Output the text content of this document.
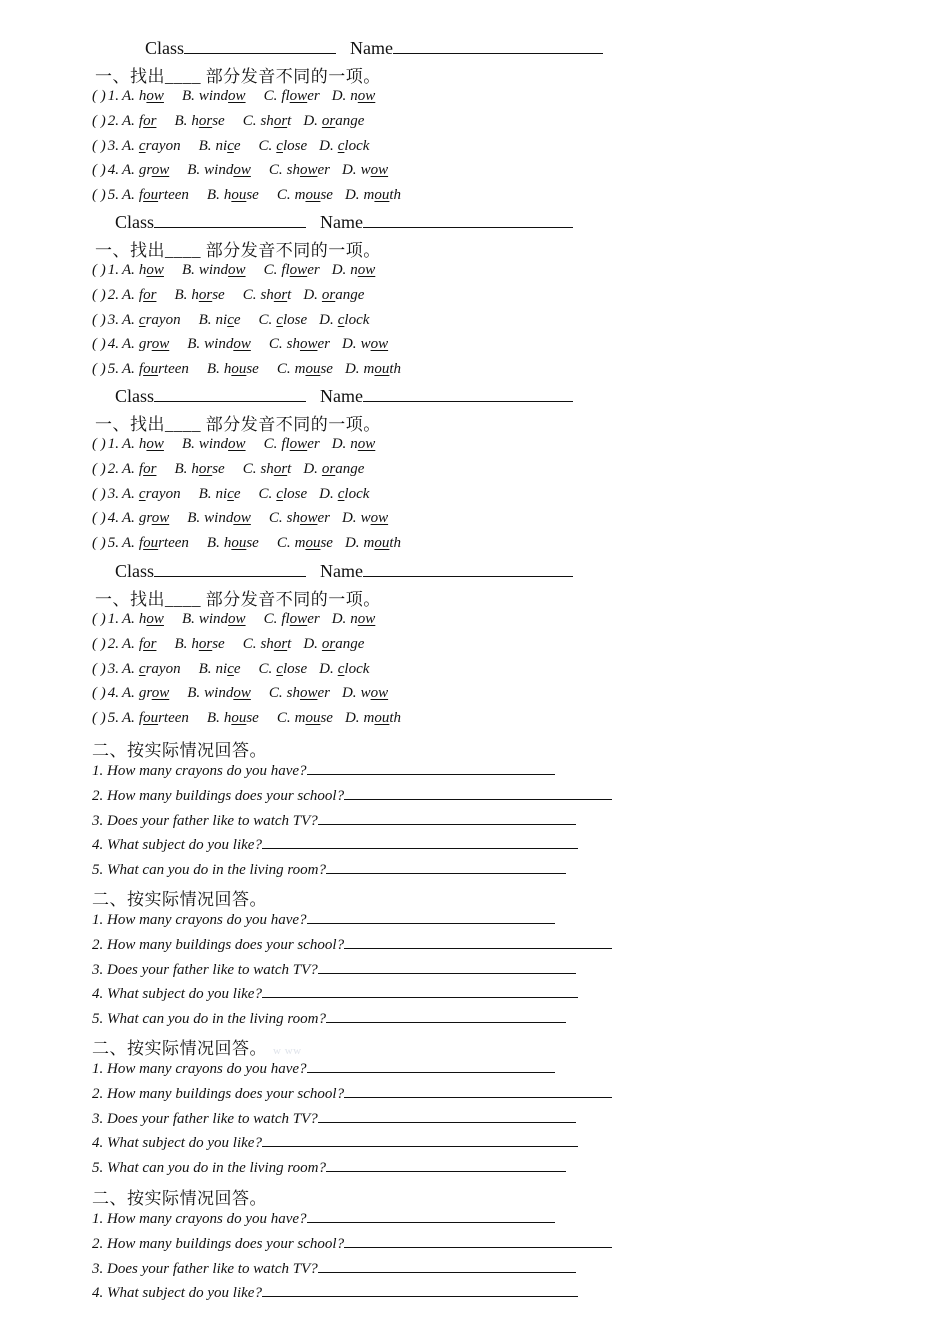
Class	Name
一、找出____ 部分发音不同的一项。
( ) 1. A. how B. window C. flower D. now
( ) 2. A. for B. horse C. short D. orange
( ) 3. A. crayon B. nice C. close D. clock
( ) 4. A. grow B. window C. shower D. wow
( ) 5. A. fourteen B. house C. mouse D. mouth
Class	Name
一、找出____ 部分发音不同的一项。
( ) 1. A. how B. window C. flower D. now
( ) 2. A. for B. horse C. short D. orange
( ) 3. A. crayon B. nice C. close D. clock
( ) 4. A. grow B. window C. shower D. wow
( ) 5. A. fourteen B. house C. mouse D. mouth
Class	Name
一、找出____ 部分发音不同的一项。
( ) 1. A. how B. window C. flower D. now
( ) 2. A. for B. horse C. short D. orange
( ) 3. A. crayon B. nice C. close D. clock
( ) 4. A. grow B. window C. shower D. wow
( ) 5. A. fourteen B. house C. mouse D. mouth
Class	Name
一、找出____ 部分发音不同的一项。
( ) 1. A. how B. window C. flower D. now
( ) 2. A. for B. horse C. short D. orange
( ) 3. A. crayon B. nice C. close D. clock
( ) 4. A. grow B. window C. shower D. wow
( ) 5. A. fourteen B. house C. mouse D. mouth
二、按实际情况回答。
1. How many crayons do you have?
2. How many buildings does your school?
3. Does your father like to watch TV?
4. What subject do you like?
5. What can you do in the living room?
二、按实际情况回答。
1. How many crayons do you have?
2. How many buildings does your school?
3. Does your father like to watch TV?
4. What subject do you like?
5. What can you do in the living room?
二、按实际情况回答。 w ww
1. How many crayons do you have?
2. How many buildings does your school?
3. Does your father like to watch TV?
4. What subject do you like?
5. What can you do in the living room?
二、按实际情况回答。
1. How many crayons do you have?
2. How many buildings does your school?
3. Does your father like to watch TV?
4. What subject do you like?
